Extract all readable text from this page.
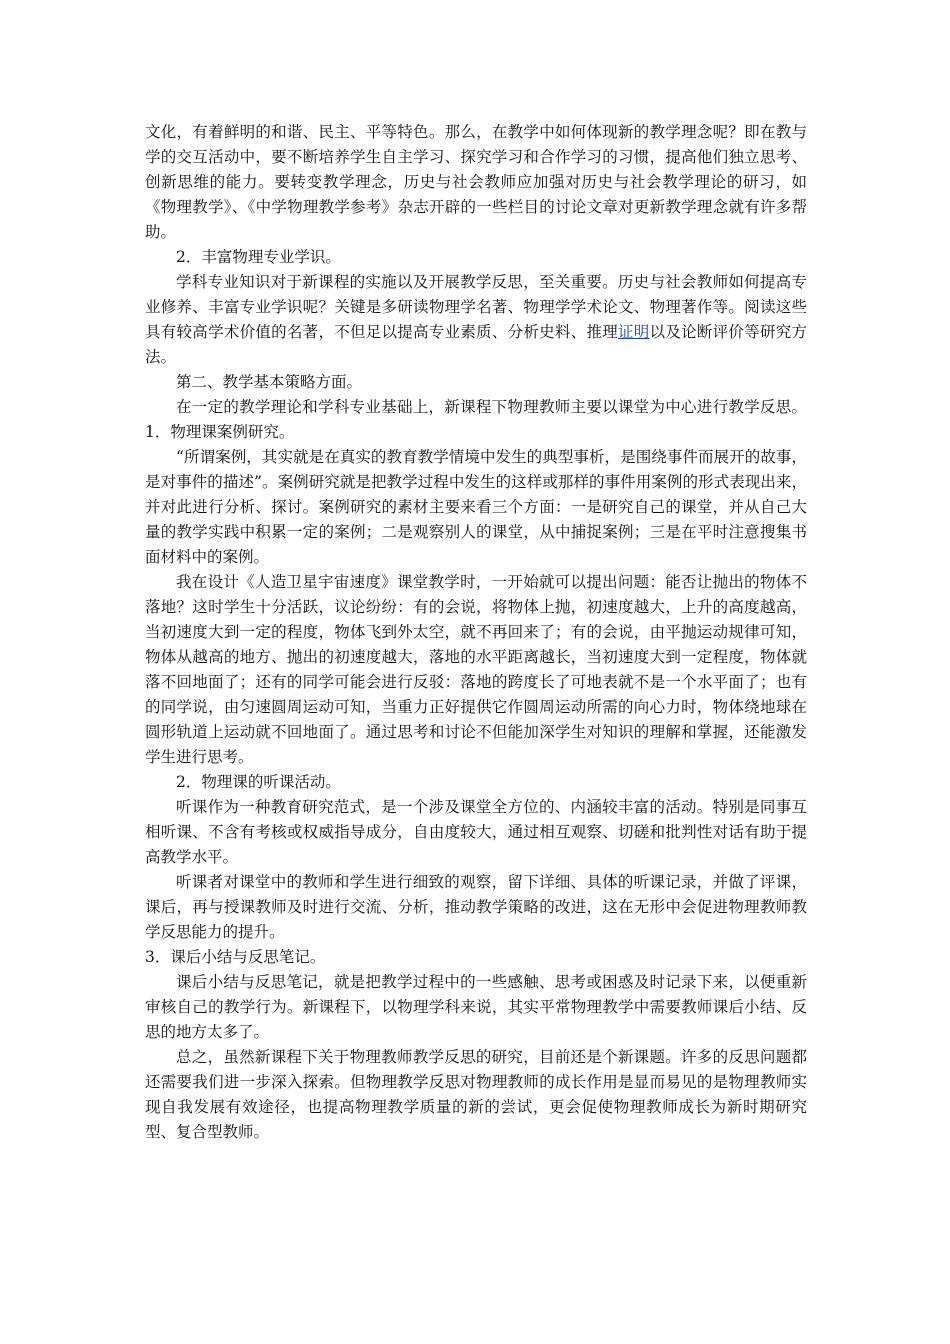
文化，有着鲜明的和谐、民主、平等特色。那么，在教学中如何体现新的教学理念呢？即在教与学的交互活动中，要不断培养学生自主学习、探究学习和合作学习的习惯，提高他们独立思考、创新思维的能力。要转变教学理念，历史与社会教师应加强对历史与社会教学理论的研习，如《物理教学》、《中学物理教学参考》杂志开辟的一些栏目的讨论文章对更新教学理念就有许多帮助。

2．丰富物理专业学识。

学科专业知识对于新课程的实施以及开展教学反思，至关重要。历史与社会教师如何提高专业修养、丰富专业学识呢？关键是多研读物理学名著、物理学学术论文、物理著作等。阅读这些具有较高学术价值的名著，不但足以提高专业素质、分析史料、推理证明以及论断评价等研究方法。

第二、教学基本策略方面。

在一定的教学理论和学科专业基础上，新课程下物理教师主要以课堂为中心进行教学反思。1．物理课案例研究。

“所谓案例，其实就是在真实的教育教学情境中发生的典型事析，是围绕事件而展开的故事，是对事件的描述”。案例研究就是把教学过程中发生的这样或那样的事件用案例的形式表现出来，并对此进行分析、探讨。案例研究的素材主要来看三个方面：一是研究自己的课堂，并从自己大量的教学实践中积累一定的案例；二是观察别人的课堂，从中捕捉案例；三是在平时注意搜集书面材料中的案例。

我在设计《人造卫星宇宙速度》课堂教学时，一开始就可以提出问题：能否让抛出的物体不落地？这时学生十分活跃，议论纷纷：有的会说，将物体上抛，初速度越大，上升的高度越高，当初速度大到一定的程度，物体飞到外太空，就不再回来了；有的会说，由平抛运动规律可知，物体从越高的地方、抛出的初速度越大，落地的水平距离越长，当初速度大到一定程度，物体就落不回地面了；还有的同学可能会进行反驳：落地的跨度长了可地表就不是一个水平面了；也有的同学说，由匀速圆周运动可知，当重力正好提供它作圆周运动所需的向心力时，物体绕地球在圆形轨道上运动就不回地面了。通过思考和讨论不但能加深学生对知识的理解和掌握，还能激发学生进行思考。

2．物理课的听课活动。

听课作为一种教育研究范式，是一个涉及课堂全方位的、内涵较丰富的活动。特别是同事互相听课、不含有考核或权威指导成分，自由度较大，通过相互观察、切磋和批判性对话有助于提高教学水平。

听课者对课堂中的教师和学生进行细致的观察，留下详细、具体的听课记录，并做了评课，课后，再与授课教师及时进行交流、分析，推动教学策略的改进，这在无形中会促进物理教师教学反思能力的提升。

3．课后小结与反思笔记。

课后小结与反思笔记，就是把教学过程中的一些感触、思考或困惑及时记录下来，以便重新审核自己的教学行为。新课程下，以物理学科来说，其实平常物理教学中需要教师课后小结、反思的地方太多了。

总之，虽然新课程下关于物理教师教学反思的研究，目前还是个新课题。许多的反思问题都还需要我们进一步深入探索。但物理教学反思对物理教师的成长作用是显而易见的是物理教师实现自我发展有效途径，也提高物理教学质量的新的尝试，更会促使物理教师成长为新时期研究型、复合型教师。
